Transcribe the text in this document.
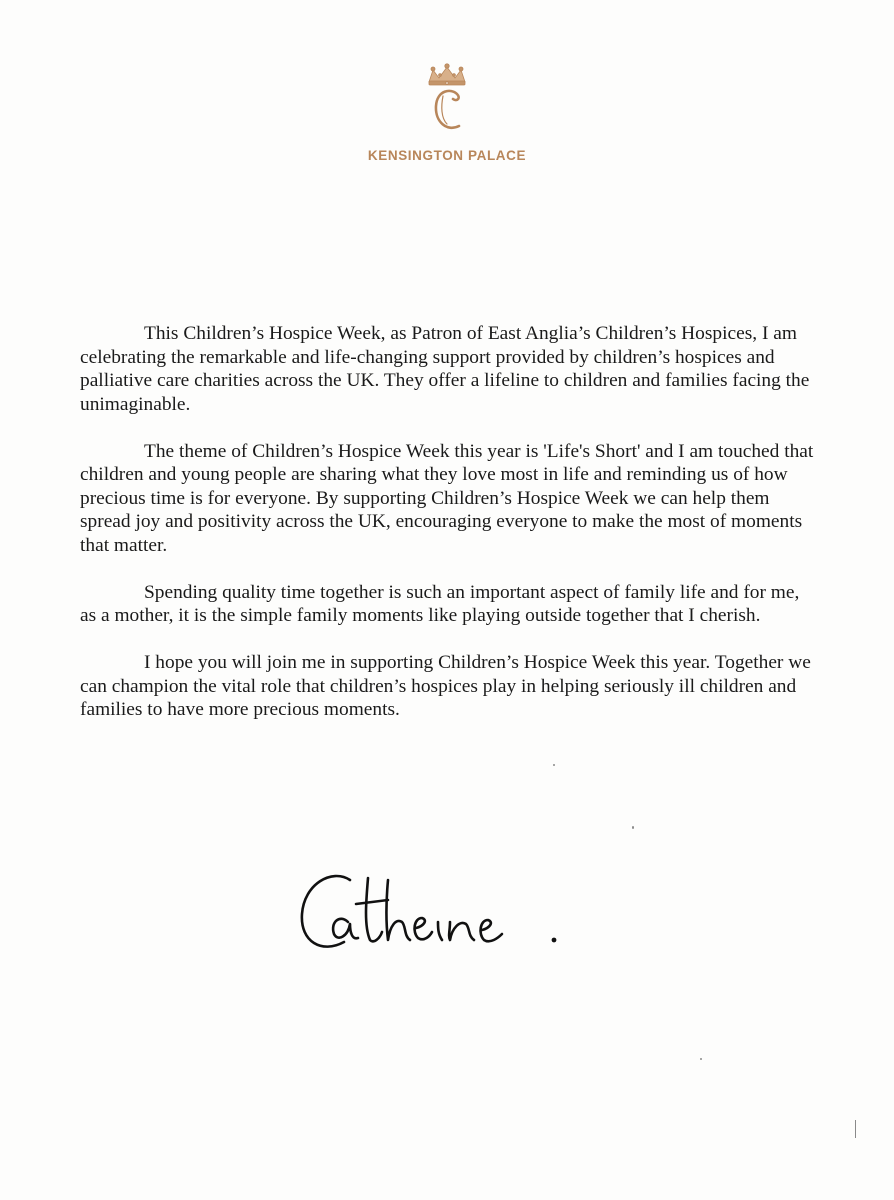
KENSINGTON PALACE

This Children’s Hospice Week, as Patron of East Anglia’s Children’s Hospices, I am celebrating the remarkable and life-changing support provided by children’s hospices and palliative care charities across the UK. They offer a lifeline to children and families facing the unimaginable.

The theme of Children’s Hospice Week this year is 'Life's Short' and I am touched that children and young people are sharing what they love most in life and reminding us of how precious time is for everyone. By supporting Children’s Hospice Week we can help them spread joy and positivity across the UK, encouraging everyone to make the most of moments that matter.

Spending quality time together is such an important aspect of family life and for me, as a mother, it is the simple family moments like playing outside together that I cherish.

I hope you will join me in supporting Children’s Hospice Week this year. Together we can champion the vital role that children’s hospices play in helping seriously ill children and families to have more precious moments.
